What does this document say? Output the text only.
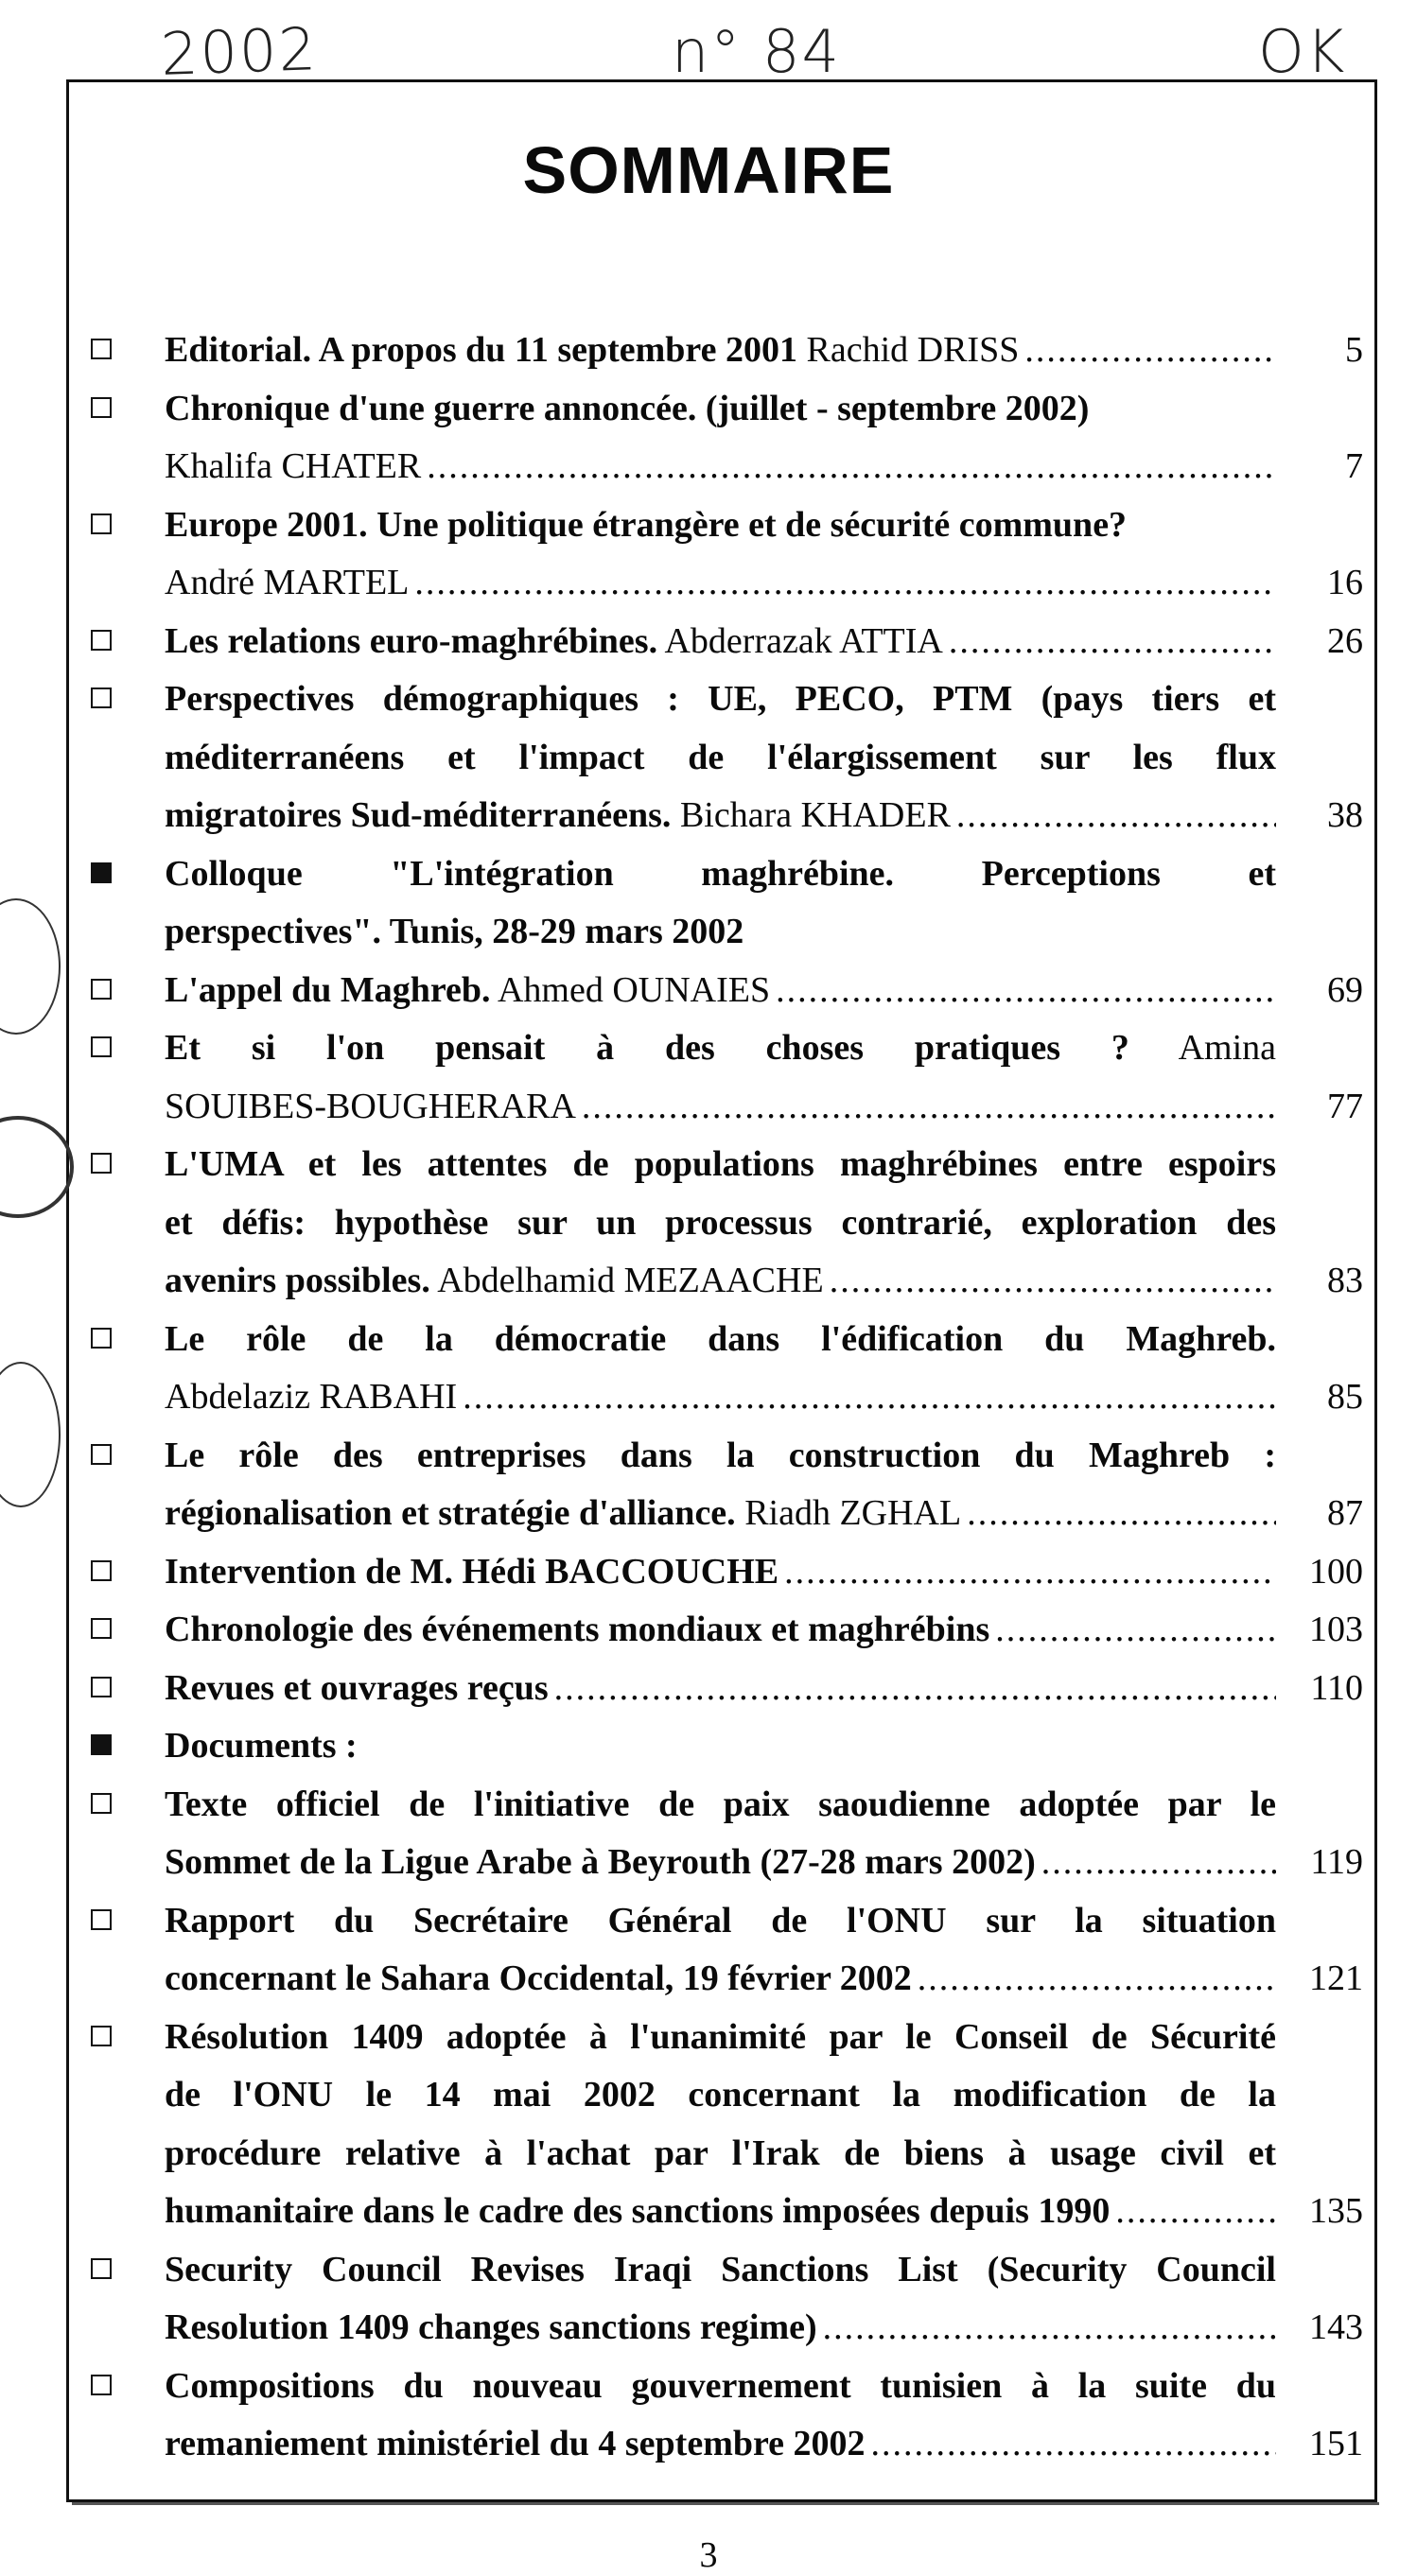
2002	n° 84	OK
SOMMAIRE
Editorial. A propos du 11 septembre 2001 Rachid DRISS .....	5
Chronique d'une guerre annoncée. (juillet - septembre 2002)
Khalifa CHATER .....	7
Europe 2001. Une politique étrangère et de sécurité commune?
André MARTEL .....	16
Les relations euro-maghrébines. Abderrazak ATTIA .....	26
Perspectives démographiques : UE, PECO, PTM (pays tiers et
méditerranéens et l'impact de l'élargissement sur les flux
migratoires Sud-méditerranéens. Bichara KHADER .....	38
Colloque "L'intégration maghrébine. Perceptions et
perspectives". Tunis, 28-29 mars 2002
L'appel du Maghreb. Ahmed OUNAIES .....	69
Et si l'on pensait à des choses pratiques ? Amina
SOUIBES-BOUGHERARA .....	77
L'UMA et les attentes de populations maghrébines entre espoirs
et défis: hypothèse sur un processus contrarié, exploration des
avenirs possibles. Abdelhamid MEZAACHE .....	83
Le rôle de la démocratie dans l'édification du Maghreb.
Abdelaziz RABAHI .....	85
Le rôle des entreprises dans la construction du Maghreb :
régionalisation et stratégie d'alliance. Riadh ZGHAL .....	87
Intervention de M. Hédi BACCOUCHE .....	100
Chronologie des événements mondiaux et maghrébins .....	103
Revues et ouvrages reçus .....	110
Documents :
Texte officiel de l'initiative de paix saoudienne adoptée par le
Sommet de la Ligue Arabe à Beyrouth (27-28 mars 2002) .....	119
Rapport du Secrétaire Général de l'ONU sur la situation
concernant le Sahara Occidental, 19 février 2002 .....	121
Résolution 1409 adoptée à l'unanimité par le Conseil de Sécurité
de l'ONU le 14 mai 2002 concernant la modification de la
procédure relative à l'achat par l'Irak de biens à usage civil et
humanitaire dans le cadre des sanctions imposées depuis 1990 .....	135
Security Council Revises Iraqi Sanctions List (Security Council
Resolution 1409 changes sanctions regime) .....	143
Compositions du nouveau gouvernement tunisien à la suite du
remaniement ministériel du 4 septembre 2002 .....	151
3
